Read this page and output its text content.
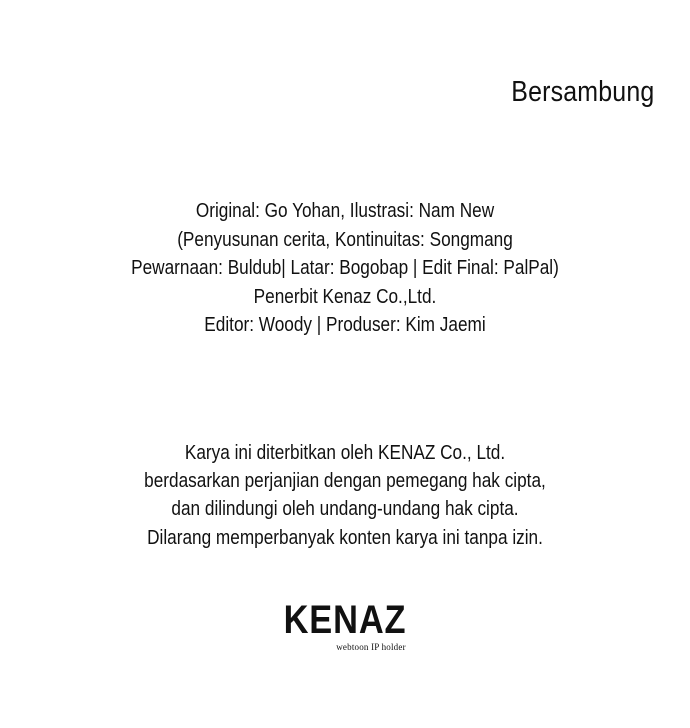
Bersambung
Original: Go Yohan, Ilustrasi: Nam New
(Penyusunan cerita, Kontinuitas: Songmang
Pewarnaan: Buldub| Latar: Bogobap | Edit Final: PalPal)
Penerbit Kenaz Co.,Ltd.
Editor: Woody | Produser: Kim Jaemi
Karya ini diterbitkan oleh KENAZ Co., Ltd.
berdasarkan perjanjian dengan pemegang hak cipta,
dan dilindungi oleh undang-undang hak cipta.
Dilarang memperbanyak konten karya ini tanpa izin.
KENAZ
webtoon IP holder
